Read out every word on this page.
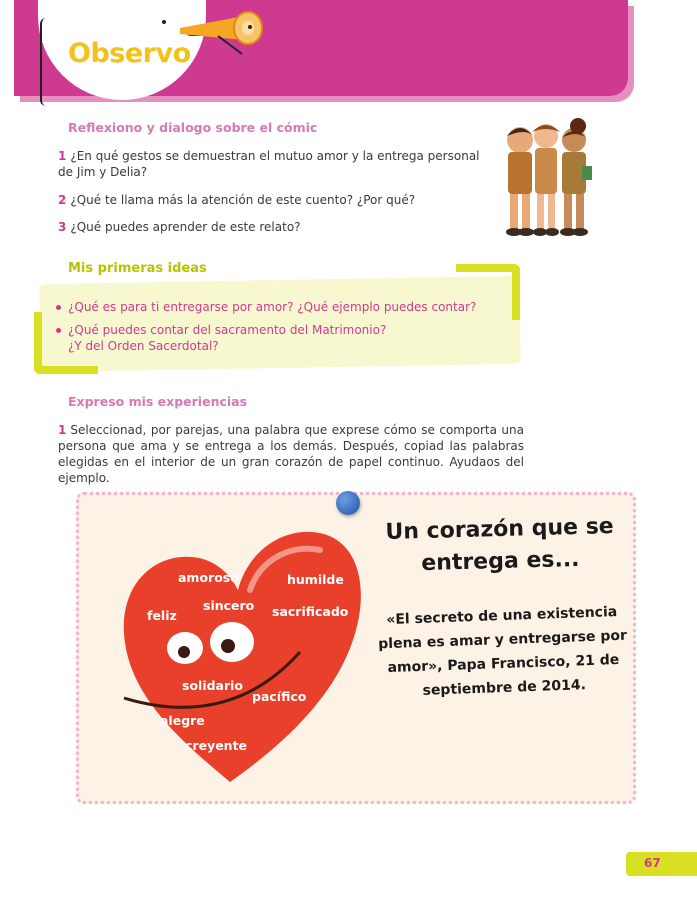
Observo
Reflexiono y dialogo sobre el cómic
1 ¿En qué gestos se demuestran el mutuo amor y la entrega personal de Jim y Delia?
2 ¿Qué te llama más la atención de este cuento? ¿Por qué?
3 ¿Qué puedes aprender de este relato?
Mis primeras ideas
¿Qué es para ti entregarse por amor? ¿Qué ejemplo puedes contar?
¿Qué puedes contar del sacramento del Matrimonio?
¿Y del Orden Sacerdotal?
Expreso mis experiencias
1 Seleccionad, por parejas, una palabra que exprese cómo se comporta una persona que ama y se entrega a los demás. Después, copiad las palabras elegidas en el interior de un gran corazón de papel continuo. Ayudaos del ejemplo.
amoroso	humilde
feliz
sincero sacrificado
solidario
pacífico
alegre
creyente
Un corazón que se entrega es...
«El secreto de una existencia plena es amar y entregarse por amor», Papa Francisco, 21 de septiembre de 2014.
67
